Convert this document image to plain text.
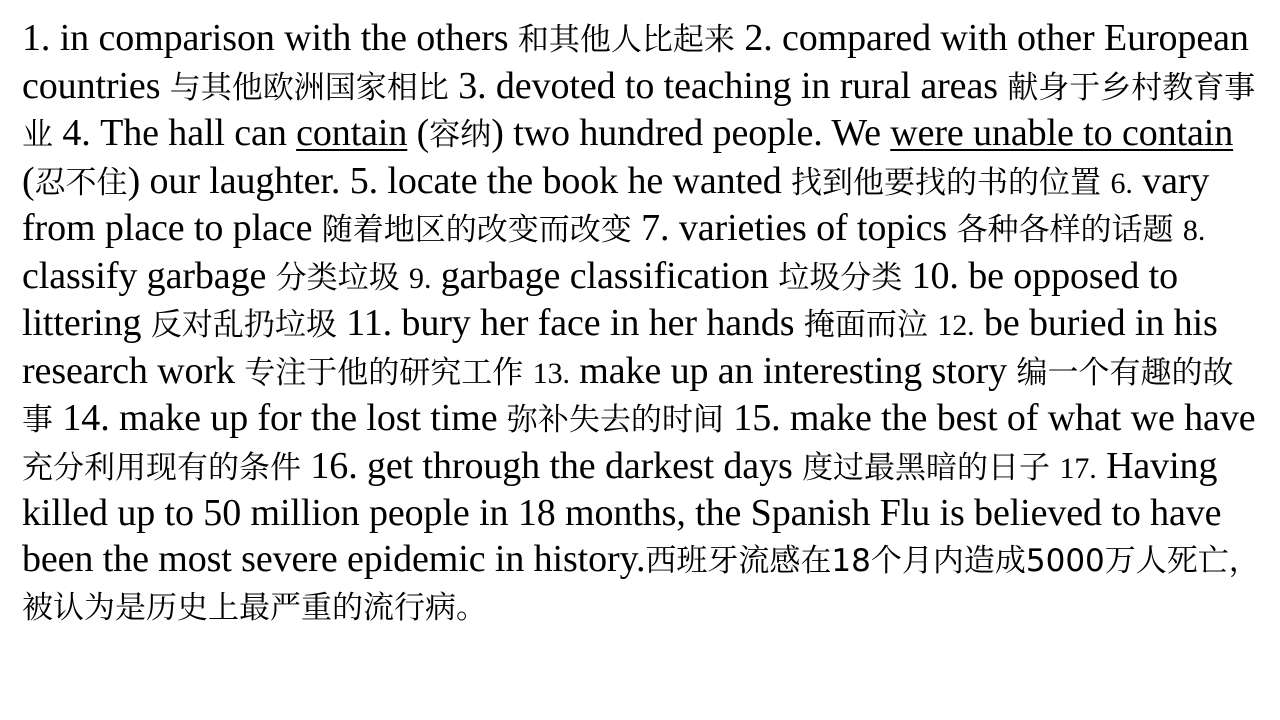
1. in comparison with the others 和其他人比起来 2. compared with other European countries 与其他欧洲国家相比 3. devoted to teaching in rural areas 献身于乡村教育事业 4. The hall can contain (容纳) two hundred people. We were unable to contain (忍不住) our laughter. 5. locate the book he wanted 找到他要找的书的位置 6. vary from place to place 随着地区的改变而改变 7. varieties of topics 各种各样的话题 8. classify garbage 分类垃圾 9. garbage classification 垃圾分类 10. be opposed to littering 反对乱扔垃圾 11. bury her face in her hands 掩面而泣 12. be buried in his research work 专注于他的研究工作 13. make up an interesting story 编一个有趣的故事 14. make up for the lost time 弥补失去的时间 15. make the best of what we have 充分利用现有的条件 16. get through the darkest days 度过最黑暗的日子 17. Having killed up to 50 million people in 18 months, the Spanish Flu is believed to have been the most severe epidemic in history.西班牙流感在18个月内造成5000万人死亡，被认为是历史上最严重的流行病。
